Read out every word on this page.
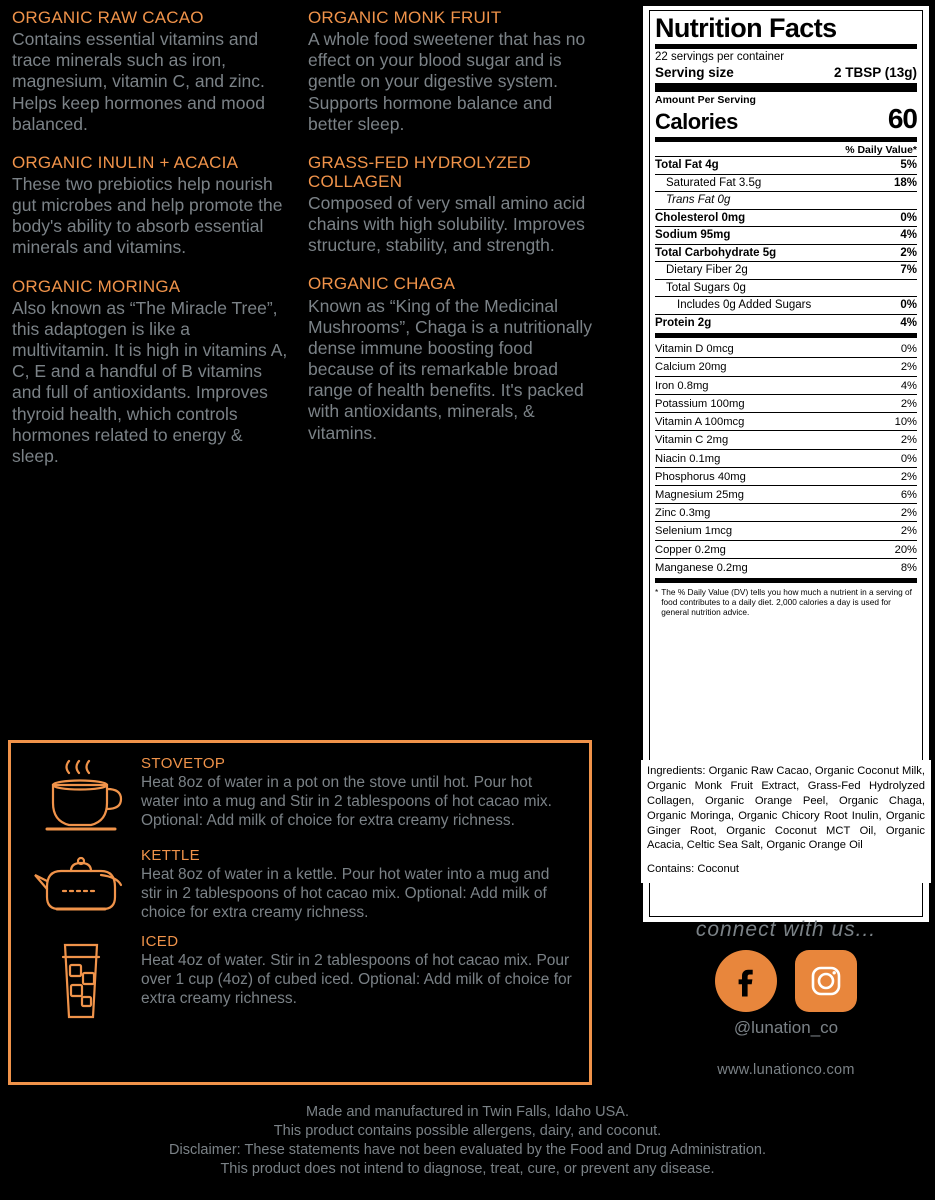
ORGANIC RAW CACAO
Contains essential vitamins and trace minerals such as iron, magnesium, vitamin C, and zinc. Helps keep hormones and mood balanced.
ORGANIC INULIN + ACACIA
These two prebiotics help nourish gut microbes and help promote the body's ability to absorb essential minerals and vitamins.
ORGANIC MORINGA
Also known as “The Miracle Tree”, this adaptogen is like a multivitamin. It is high in vitamins A, C, E and a handful of B vitamins and full of antioxidants. Improves thyroid health, which controls hormones related to energy & sleep.
ORGANIC MONK FRUIT
A whole food sweetener that has no effect on your blood sugar and is gentle on your digestive system. Supports hormone balance and better sleep.
GRASS-FED HYDROLYZED COLLAGEN
Composed of very small amino acid chains with high solubility. Improves structure, stability, and strength.
ORGANIC CHAGA
Known as “King of the Medicinal Mushrooms”, Chaga is a nutritionally dense immune boosting food because of its remarkable broad range of health benefits. It's packed with antioxidants, minerals, & vitamins.
STOVETOP
Heat 8oz of water in a pot on the stove until hot. Pour hot water into a mug and Stir in 2 tablespoons of hot cacao mix. Optional: Add milk of choice for extra creamy richness.
KETTLE
Heat 8oz of water in a kettle. Pour hot water into a mug and stir in 2 tablespoons of hot cacao mix. Optional: Add milk of choice for extra creamy richness.
ICED
Heat 4oz of water. Stir in 2 tablespoons of hot cacao mix. Pour over 1 cup (4oz) of cubed iced. Optional: Add milk of choice for extra creamy richness.
Nutrition Facts
22 servings per container
Serving size	2 TBSP (13g)
Amount Per Serving
Calories	60
% Daily Value*
Total Fat 4g	5%
Saturated Fat 3.5g	18%
Trans Fat 0g
Cholesterol 0mg	0%
Sodium 95mg	4%
Total Carbohydrate 5g	2%
Dietary Fiber 2g	7%
Total Sugars 0g
Includes 0g Added Sugars	0%
Protein 2g	4%
Vitamin D 0mcg	0%
Calcium 20mg	2%
Iron 0.8mg	4%
Potassium 100mg	2%
Vitamin A 100mcg	10%
Vitamin C 2mg	2%
Niacin 0.1mg	0%
Phosphorus 40mg	2%
Magnesium 25mg	6%
Zinc 0.3mg	2%
Selenium 1mcg	2%
Copper 0.2mg	20%
Manganese 0.2mg	8%
* The % Daily Value (DV) tells you how much a nutrient in a serving of food contributes to a daily diet. 2,000 calories a day is used for general nutrition advice.
Ingredients: Organic Raw Cacao, Organic Coconut Milk, Organic Monk Fruit Extract, Grass-Fed Hydrolyzed Collagen, Organic Orange Peel, Organic Chaga, Organic Moringa, Organic Chicory Root Inulin, Organic Ginger Root, Organic Coconut MCT Oil, Organic Acacia, Celtic Sea Salt, Organic Orange Oil
Contains: Coconut
connect with us...
@lunation_co
www.lunationco.com
Made and manufactured in Twin Falls, Idaho USA.
This product contains possible allergens, dairy, and coconut.
Disclaimer: These statements have not been evaluated by the Food and Drug Administration.
This product does not intend to diagnose, treat, cure, or prevent any disease.
